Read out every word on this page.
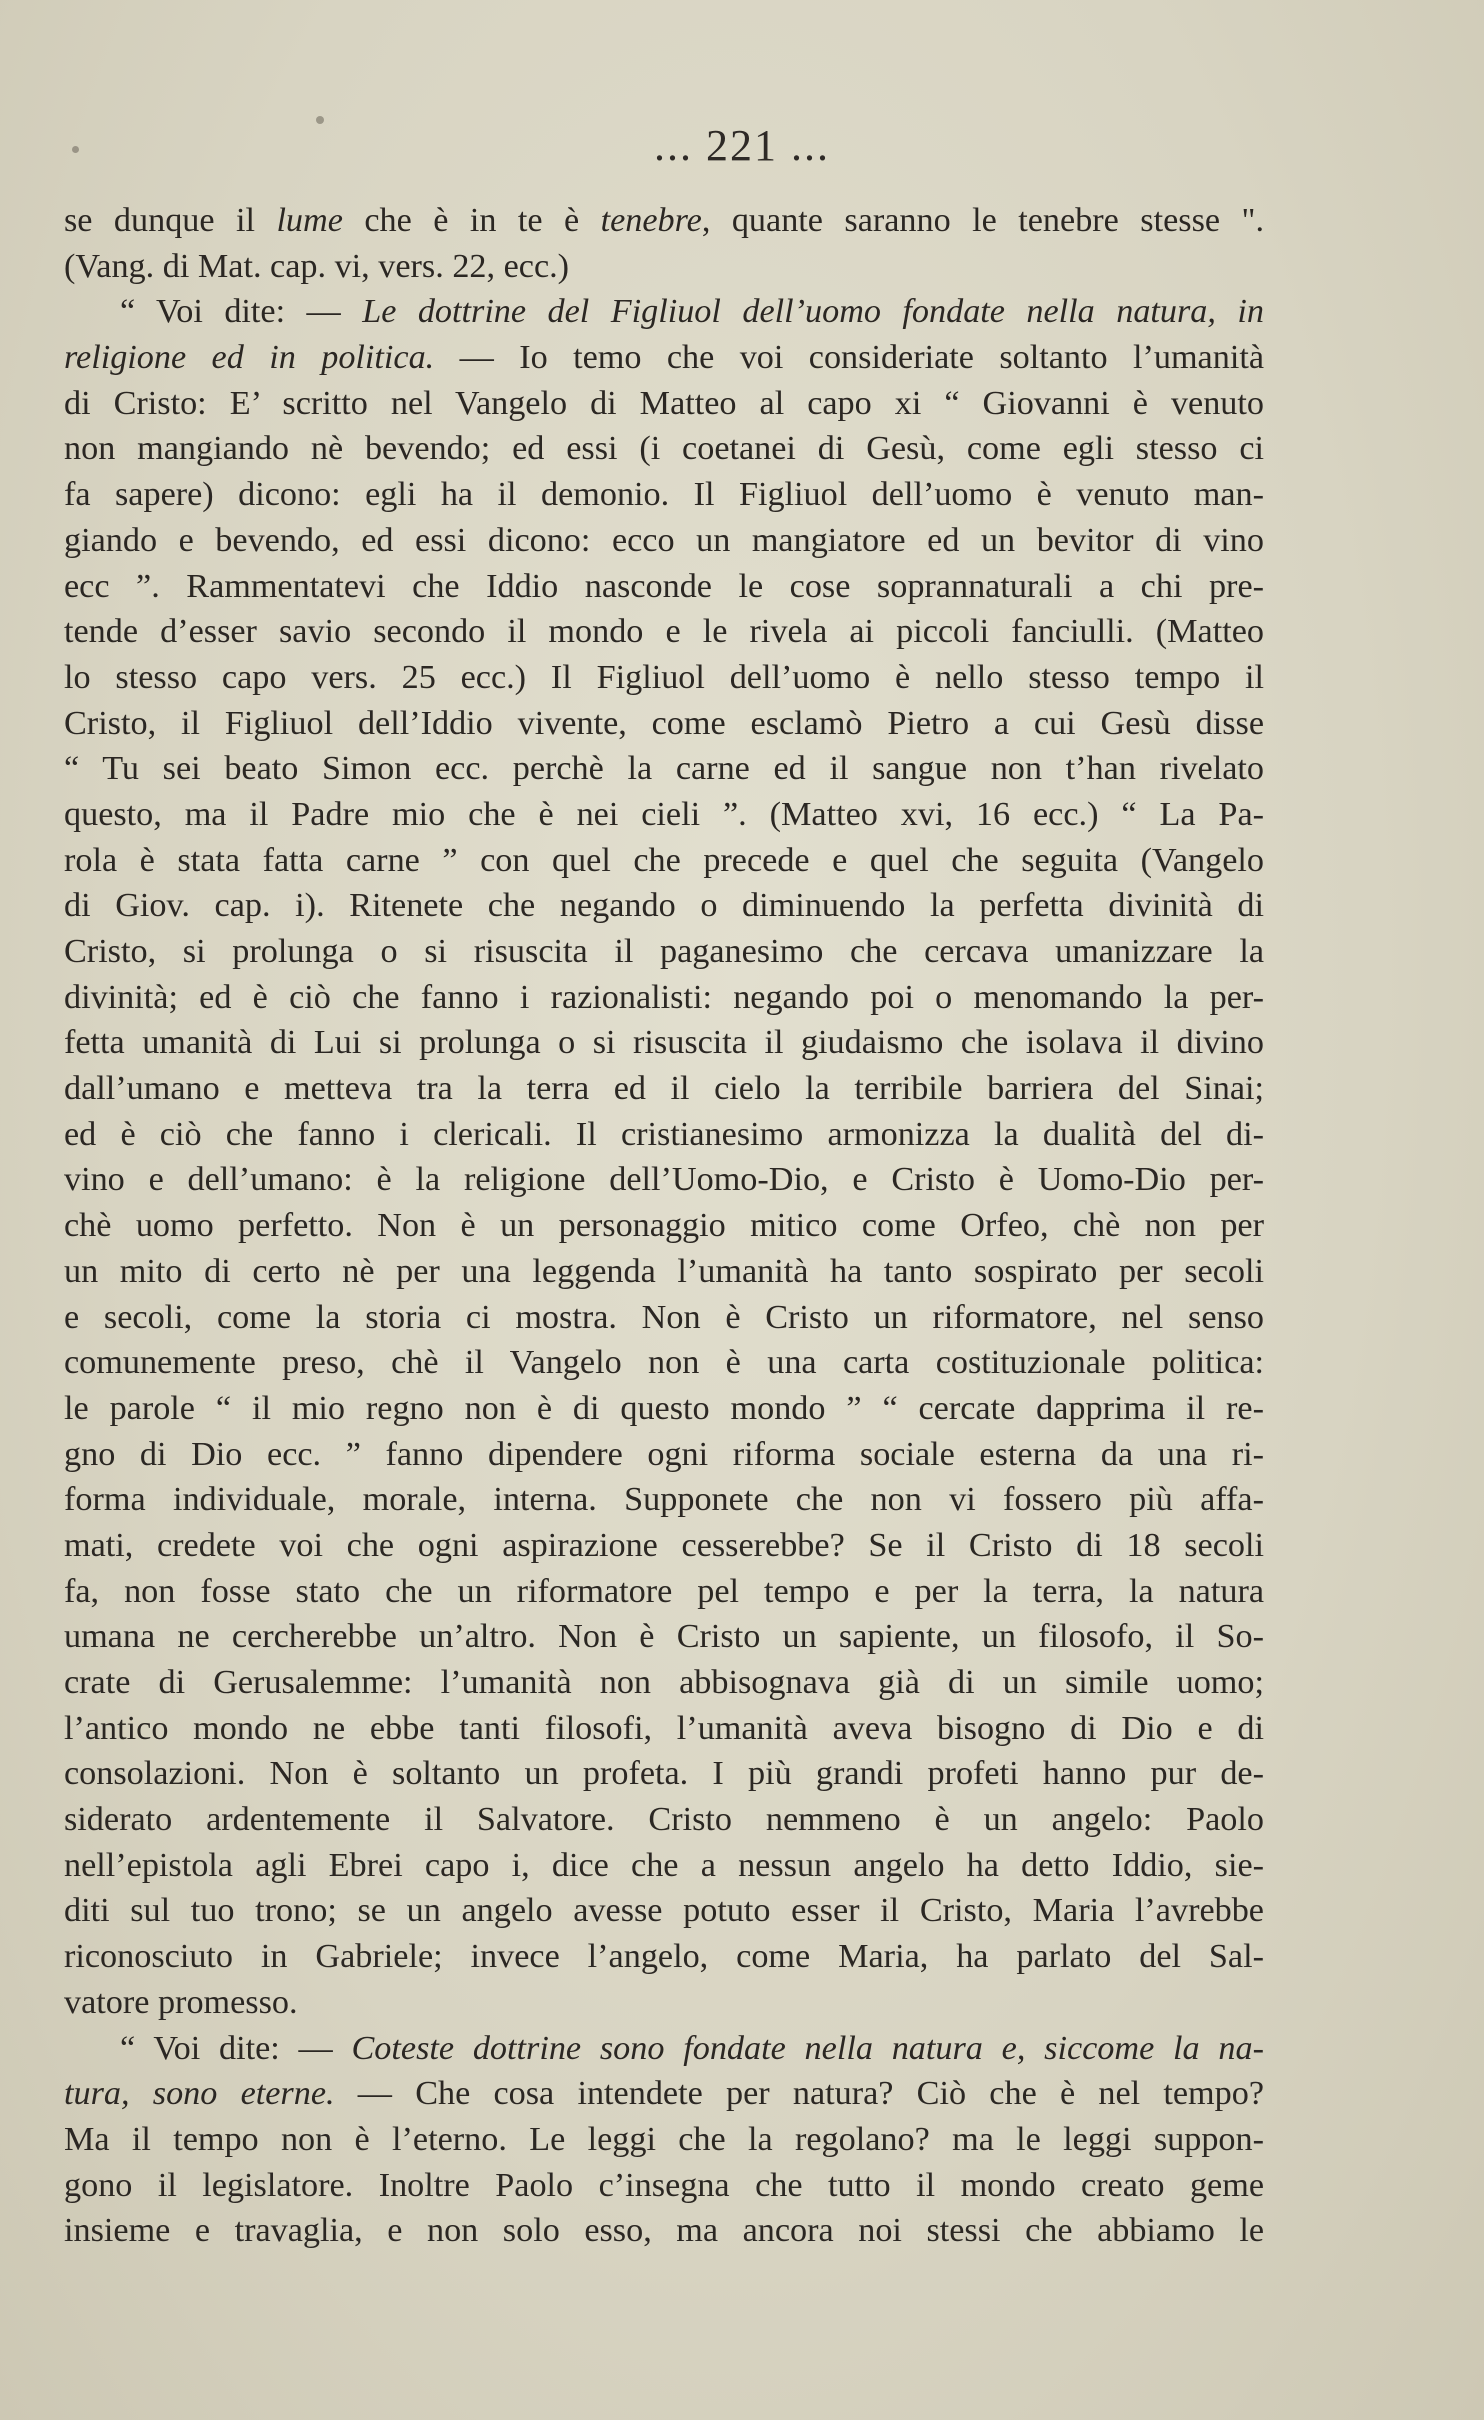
... 221 ...
se dunque il lume che è in te è tenebre, quante saranno le tenebre stesse ".
(Vang. di Mat. cap. vi, vers. 22, ecc.)
“ Voi dite: — Le dottrine del Figliuol dell’uomo fondate nella natura, in
religione ed in politica. — Io temo che voi consideriate soltanto l’umanità
di Cristo: E’ scritto nel Vangelo di Matteo al capo xi “ Giovanni è venuto
non mangiando nè bevendo; ed essi (i coetanei di Gesù, come egli stesso ci
fa sapere) dicono: egli ha il demonio. Il Figliuol dell’uomo è venuto man-
giando e bevendo, ed essi dicono: ecco un mangiatore ed un bevitor di vino
ecc ”. Rammentatevi che Iddio nasconde le cose soprannaturali a chi pre-
tende d’esser savio secondo il mondo e le rivela ai piccoli fanciulli. (Matteo
lo stesso capo vers. 25 ecc.) Il Figliuol dell’uomo è nello stesso tempo il
Cristo, il Figliuol dell’Iddio vivente, come esclamò Pietro a cui Gesù disse
“ Tu sei beato Simon ecc. perchè la carne ed il sangue non t’han rivelato
questo, ma il Padre mio che è nei cieli ”. (Matteo xvi, 16 ecc.) “ La Pa-
rola è stata fatta carne ” con quel che precede e quel che seguita (Vangelo
di Giov. cap. i). Ritenete che negando o diminuendo la perfetta divinità di
Cristo, si prolunga o si risuscita il paganesimo che cercava umanizzare la
divinità; ed è ciò che fanno i razionalisti: negando poi o menomando la per-
fetta umanità di Lui si prolunga o si risuscita il giudaismo che isolava il divino
dall’umano e metteva tra la terra ed il cielo la terribile barriera del Sinai;
ed è ciò che fanno i clericali. Il cristianesimo armonizza la dualità del di-
vino e dell’umano: è la religione dell’Uomo-Dio, e Cristo è Uomo-Dio per-
chè uomo perfetto. Non è un personaggio mitico come Orfeo, chè non per
un mito di certo nè per una leggenda l’umanità ha tanto sospirato per secoli
e secoli, come la storia ci mostra. Non è Cristo un riformatore, nel senso
comunemente preso, chè il Vangelo non è una carta costituzionale politica:
le parole “ il mio regno non è di questo mondo ” “ cercate dapprima il re-
gno di Dio ecc. ” fanno dipendere ogni riforma sociale esterna da una ri-
forma individuale, morale, interna. Supponete che non vi fossero più affa-
mati, credete voi che ogni aspirazione cesserebbe? Se il Cristo di 18 secoli
fa, non fosse stato che un riformatore pel tempo e per la terra, la natura
umana ne cercherebbe un’altro. Non è Cristo un sapiente, un filosofo, il So-
crate di Gerusalemme: l’umanità non abbisognava già di un simile uomo;
l’antico mondo ne ebbe tanti filosofi, l’umanità aveva bisogno di Dio e di
consolazioni. Non è soltanto un profeta. I più grandi profeti hanno pur de-
siderato ardentemente il Salvatore. Cristo nemmeno è un angelo: Paolo
nell’epistola agli Ebrei capo i, dice che a nessun angelo ha detto Iddio, sie-
diti sul tuo trono; se un angelo avesse potuto esser il Cristo, Maria l’avrebbe
riconosciuto in Gabriele; invece l’angelo, come Maria, ha parlato del Sal-
vatore promesso.
“ Voi dite: — Coteste dottrine sono fondate nella natura e, siccome la na-
tura, sono eterne. — Che cosa intendete per natura? Ciò che è nel tempo?
Ma il tempo non è l’eterno. Le leggi che la regolano? ma le leggi suppon-
gono il legislatore. Inoltre Paolo c’insegna che tutto il mondo creato geme
insieme e travaglia, e non solo esso, ma ancora noi stessi che abbiamo le
